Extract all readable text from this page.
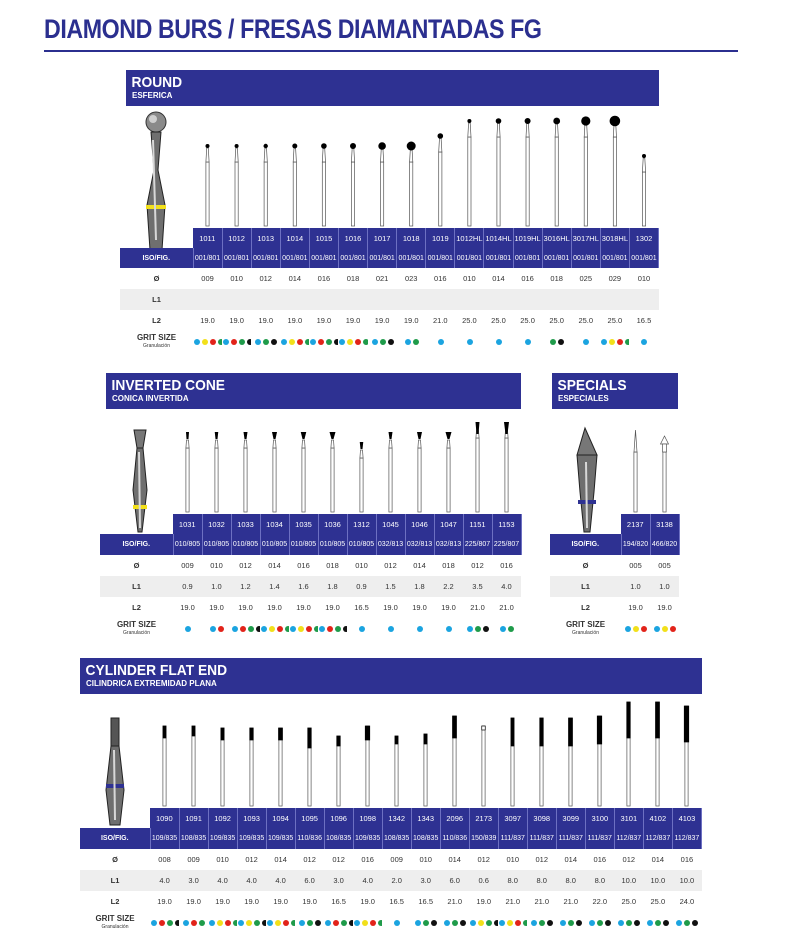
DIAMOND BURS / FRESAS DIAMANTADAS FG
ROUND
ESFERICA
INVERTED CONE
CONICA INVERTIDA
SPECIALS
ESPECIALES
CYLINDER FLAT END
CILINDRICA EXTREMIDAD PLANA
	1011	1012	1013	1014	1015	1016	1017	1018	1019	1012HL	1014HL	1019HL	3016HL	3017HL	3018HL	1302
ISO/FIG.	001/801	001/801	001/801	001/801	001/801	001/801	001/801	001/801	001/801	001/801	001/801	001/801	001/801	001/801	001/801	001/801
Ø	009	010	012	014	016	018	021	023	016	010	014	016	018	025	029	010
L1																
L2	19.0	19.0	19.0	19.0	19.0	19.0	19.0	19.0	21.0	25.0	25.0	25.0	25.0	25.0	25.0	16.5
GRIT SIZE
Granulación																

	1031	1032	1033	1034	1035	1036	1312	1045	1046	1047	1151	1153
ISO/FIG.	010/805	010/805	010/805	010/805	010/805	010/805	010/805	032/813	032/813	032/813	225/807	225/807
Ø	009	010	012	014	016	018	010	012	014	018	012	016
L1	0.9	1.0	1.2	1.4	1.6	1.8	0.9	1.5	1.8	2.2	3.5	4.0
L2	19.0	19.0	19.0	19.0	19.0	19.0	16.5	19.0	19.0	19.0	21.0	21.0
GRIT SIZE
Granulación												

	2137	3138
ISO/FIG.	194/820	466/820
Ø	005	005
L1	1.0	1.0
L2	19.0	19.0
GRIT SIZE
Granulación		

	1090	1091	1092	1093	1094	1095	1096	1098	1342	1343	2096	2173	3097	3098	3099	3100	3101	4102	4103
ISO/FIG.	109/835	108/835	109/835	109/835	109/835	110/836	108/835	109/835	108/835	108/835	110/836	150/839	111/837	111/837	111/837	111/837	112/837	112/837	112/837
Ø	008	009	010	012	014	012	012	016	009	010	014	012	010	012	014	016	012	014	016
L1	4.0	3.0	4.0	4.0	4.0	6.0	3.0	4.0	2.0	3.0	6.0	0.6	8.0	8.0	8.0	8.0	10.0	10.0	10.0
L2	19.0	19.0	19.0	19.0	19.0	19.0	16.5	19.0	16.5	16.5	21.0	19.0	21.0	21.0	21.0	22.0	25.0	25.0	24.0
GRIT SIZE
Granulación																			
